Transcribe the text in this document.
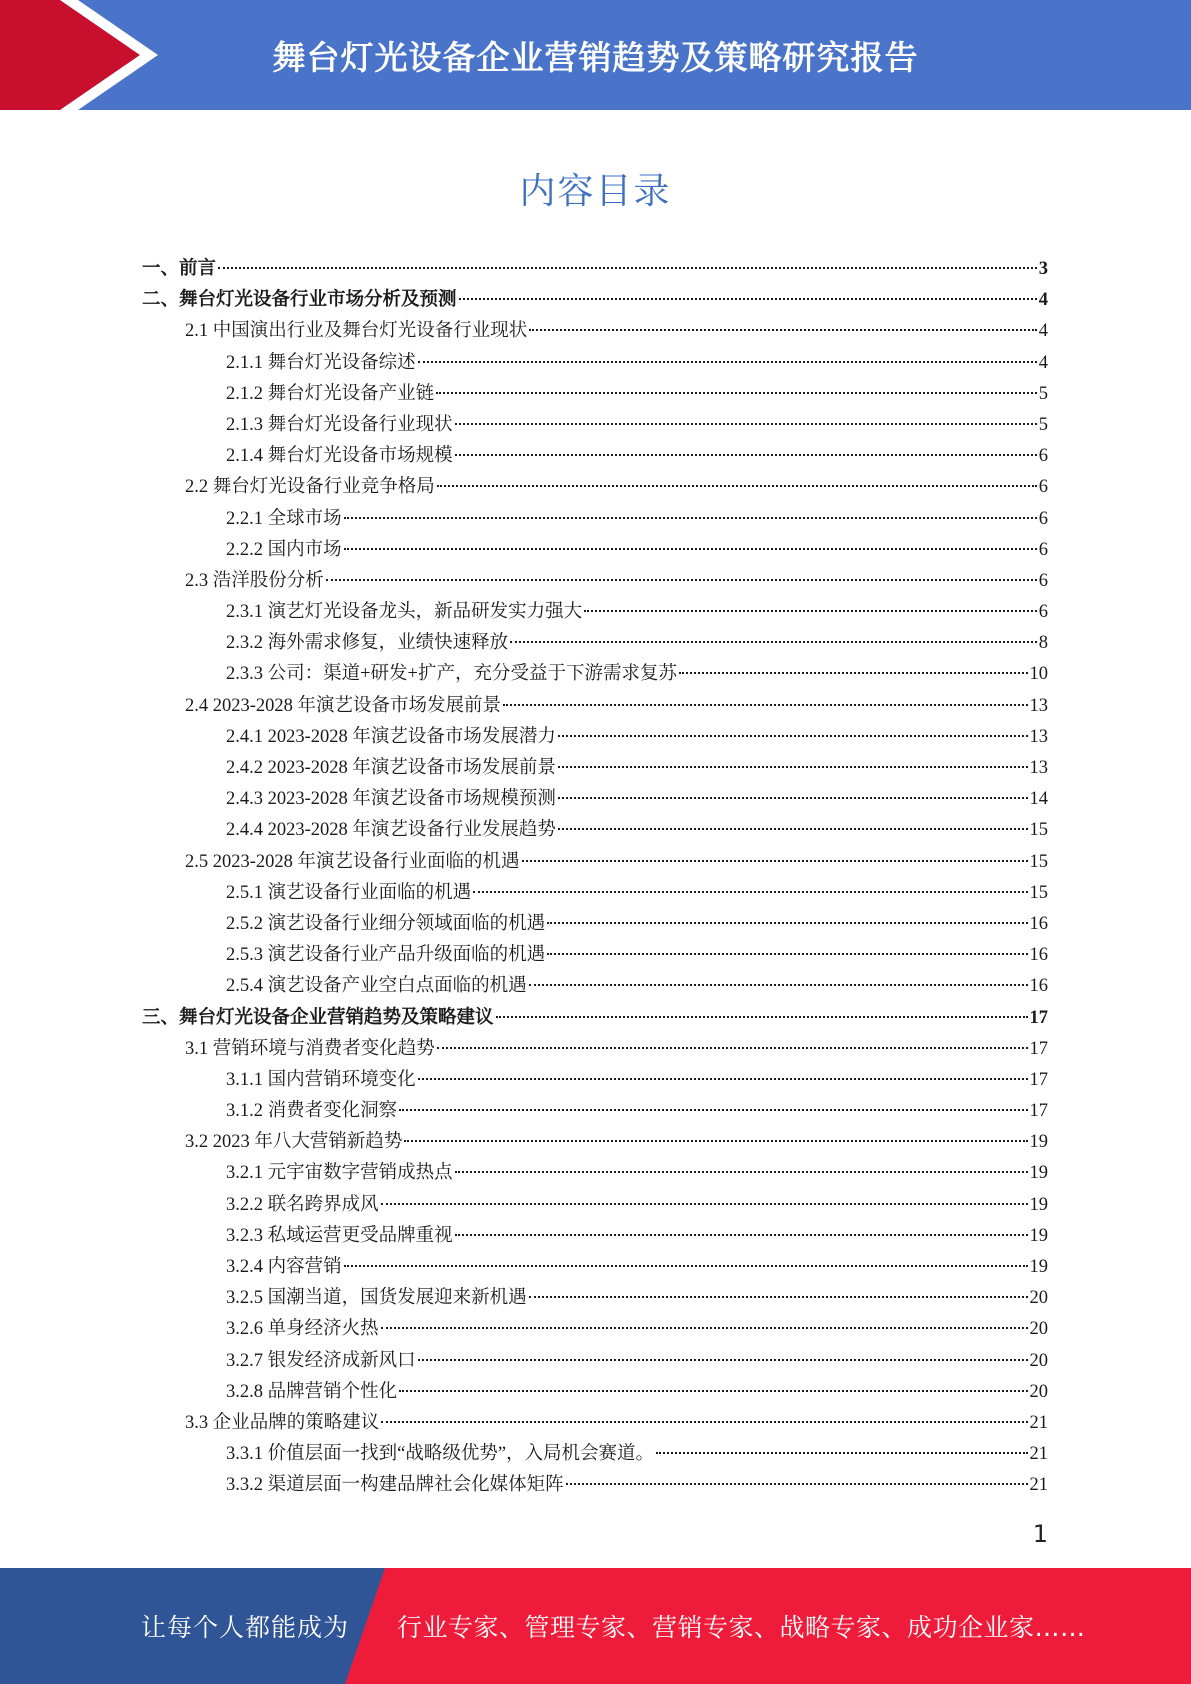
舞台灯光设备企业营销趋势及策略研究报告
内容目录
一、前言	3
二、舞台灯光设备行业市场分析及预测	4
2.1 中国演出行业及舞台灯光设备行业现状	4
2.1.1 舞台灯光设备综述	4
2.1.2 舞台灯光设备产业链	5
2.1.3 舞台灯光设备行业现状	5
2.1.4 舞台灯光设备市场规模	6
2.2 舞台灯光设备行业竞争格局	6
2.2.1 全球市场	6
2.2.2 国内市场	6
2.3 浩洋股份分析	6
2.3.1 演艺灯光设备龙头，新品研发实力强大	6
2.3.2 海外需求修复，业绩快速释放	8
2.3.3 公司：渠道+研发+扩产，充分受益于下游需求复苏	10
2.4 2023-2028 年演艺设备市场发展前景	13
2.4.1 2023-2028 年演艺设备市场发展潜力	13
2.4.2 2023-2028 年演艺设备市场发展前景	13
2.4.3 2023-2028 年演艺设备市场规模预测	14
2.4.4 2023-2028 年演艺设备行业发展趋势	15
2.5 2023-2028 年演艺设备行业面临的机遇	15
2.5.1 演艺设备行业面临的机遇	15
2.5.2 演艺设备行业细分领域面临的机遇	16
2.5.3 演艺设备行业产品升级面临的机遇	16
2.5.4 演艺设备产业空白点面临的机遇	16
三、舞台灯光设备企业营销趋势及策略建议	17
3.1 营销环境与消费者变化趋势	17
3.1.1 国内营销环境变化	17
3.1.2 消费者变化洞察	17
3.2 2023 年八大营销新趋势	19
3.2.1 元宇宙数字营销成热点	19
3.2.2 联名跨界成风	19
3.2.3 私域运营更受品牌重视	19
3.2.4 内容营销	19
3.2.5 国潮当道，国货发展迎来新机遇	20
3.2.6 单身经济火热	20
3.2.7 银发经济成新风口	20
3.2.8 品牌营销个性化	20
3.3 企业品牌的策略建议	21
3.3.1 价值层面一找到“战略级优势”，入局机会赛道。	21
3.3.2 渠道层面一构建品牌社会化媒体矩阵	21
1
让每个人都能成为 行业专家、管理专家、营销专家、战略专家、成功企业家……
